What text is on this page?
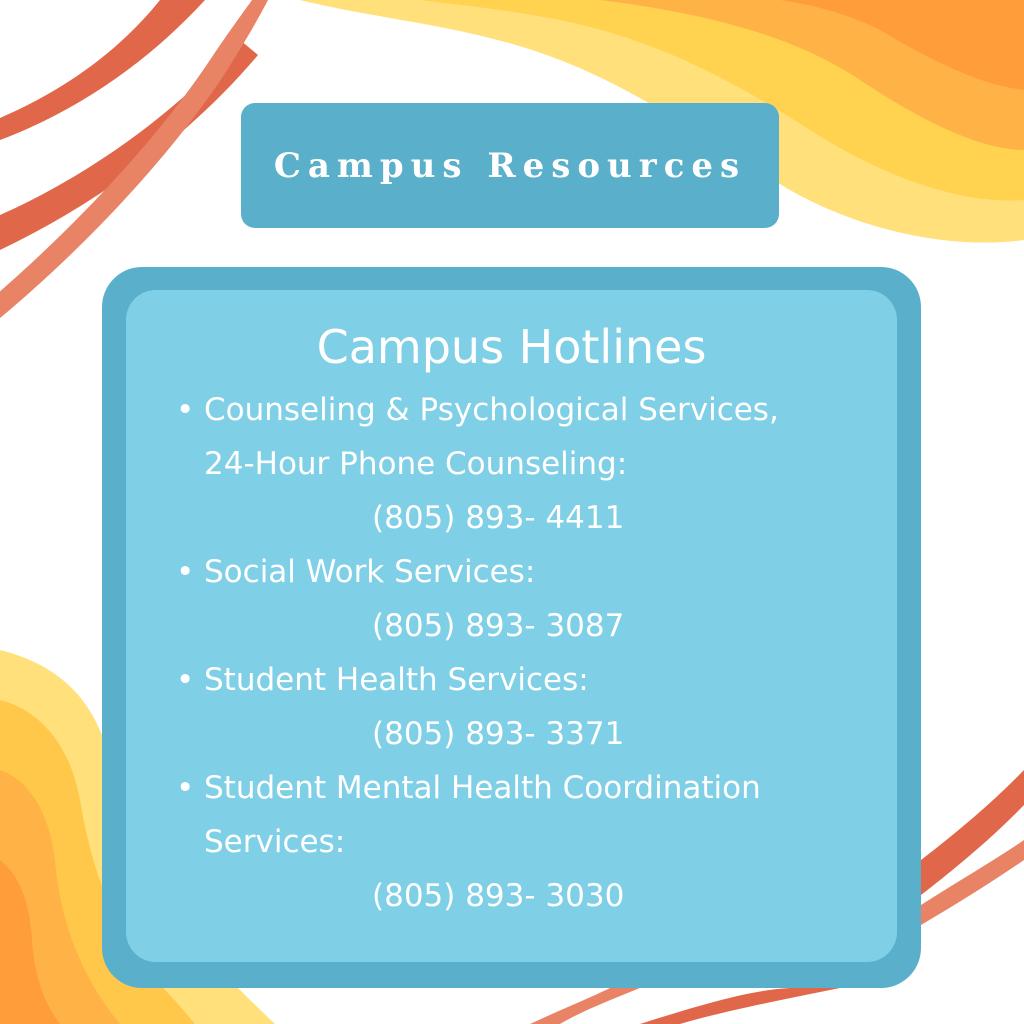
Campus Resources
Campus Hotlines
• Counseling & Psychological Services,
24-Hour Phone Counseling:
(805) 893- 4411
• Social Work Services:
(805) 893- 3087
• Student Health Services:
(805) 893- 3371
• Student Mental Health Coordination
Services:
(805) 893- 3030
